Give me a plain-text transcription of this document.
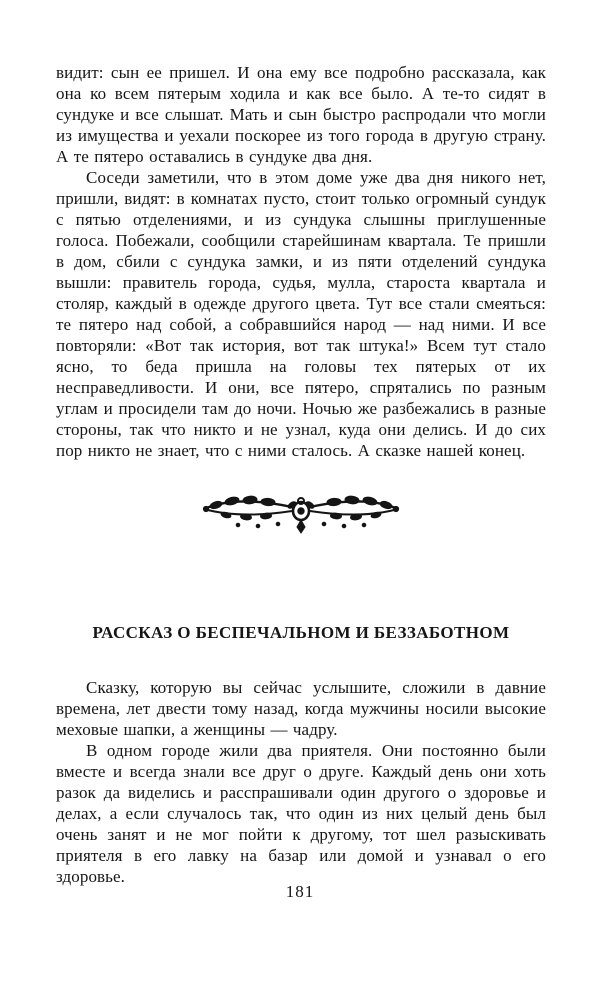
видит: сын ее пришел. И она ему все подробно рассказала, как она ко всем пятерым ходила и как все было. А те-то сидят в сундуке и все слышат. Мать и сын быстро распродали что могли из имущества и уехали поскорее из того города в другую страну. А те пятеро оставались в сундуке два дня.

Соседи заметили, что в этом доме уже два дня никого нет, пришли, видят: в комнатах пусто, стоит только огромный сундук с пятью отделениями, и из сундука слышны приглушенные голоса. Побежали, сообщили старейшинам квартала. Те пришли в дом, сбили с сундука замки, и из пяти отделений сундука вышли: правитель города, судья, мулла, староста квартала и столяр, каждый в одежде другого цвета. Тут все стали смеяться: те пятеро над собой, а собравшийся народ — над ними. И все повторяли: «Вот так история, вот так штука!» Всем тут стало ясно, то беда пришла на головы тех пятерых от их несправедливости. И они, все пятеро, спрятались по разным углам и просидели там до ночи. Ночью же разбежались в разные стороны, так что никто и не узнал, куда они делись. И до сих пор никто не знает, что с ними сталось. А сказке нашей конец.

РАССКАЗ О БЕСПЕЧАЛЬНОМ И БЕЗЗАБОТНОМ

Сказку, которую вы сейчас услышите, сложили в давние времена, лет двести тому назад, когда мужчины носили высокие меховые шапки, а женщины — чадру.

В одном городе жили два приятеля. Они постоянно были вместе и всегда знали все друг о друге. Каждый день они хоть разок да виделись и расспрашивали один другого о здоровье и делах, а если случалось так, что один из них целый день был очень занят и не мог пойти к другому, тот шел разыскивать приятеля в его лавку на базар или домой и узнавал о его здоровье.

181
